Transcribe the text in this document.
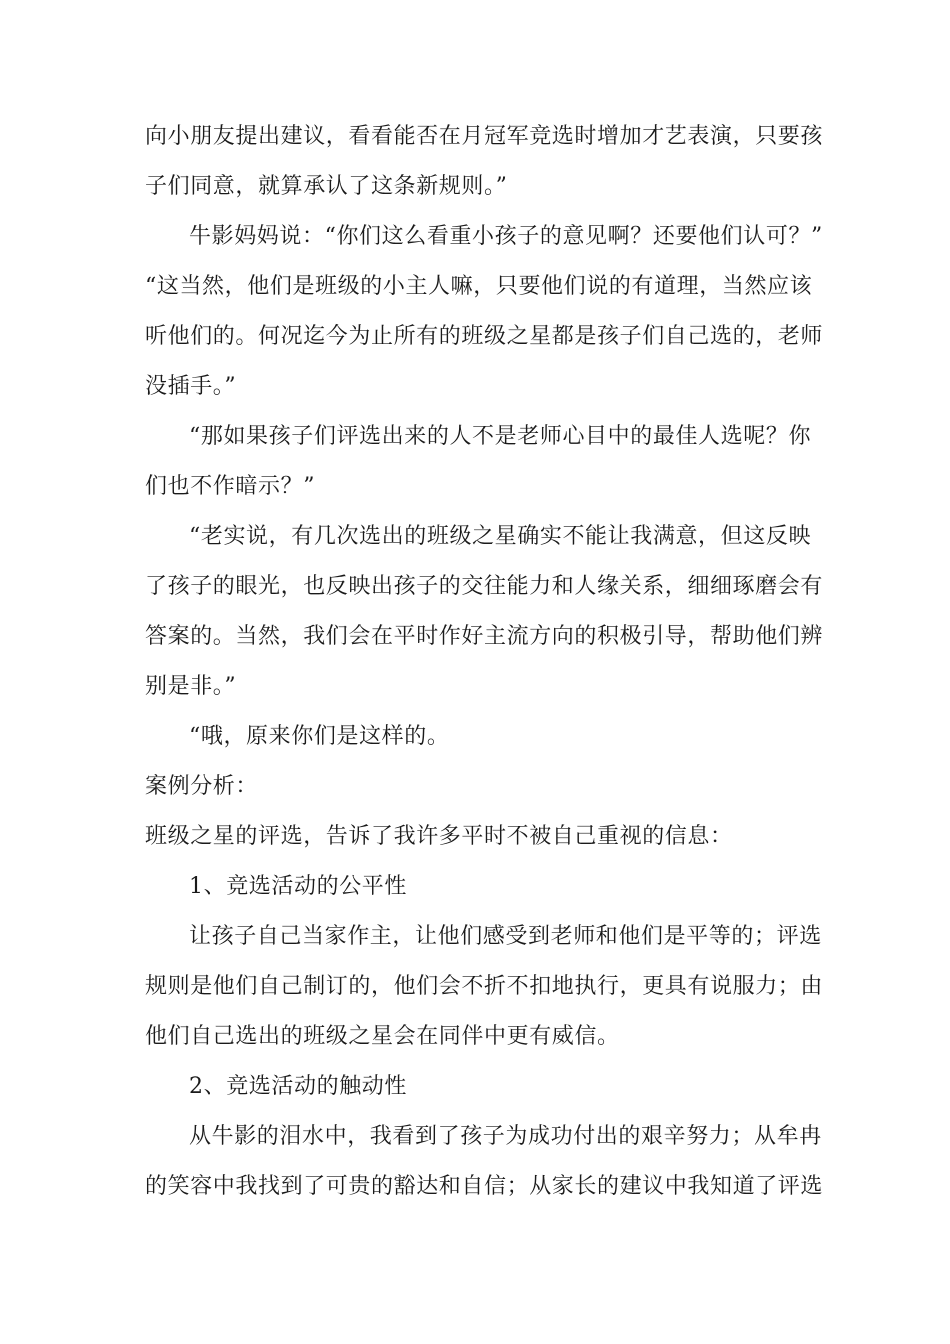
向小朋友提出建议，看看能否在月冠军竞选时增加才艺表演，只要孩
子们同意，就算承认了这条新规则。”
牛影妈妈说：“你们这么看重小孩子的意见啊？还要他们认可？”
“这当然，他们是班级的小主人嘛，只要他们说的有道理，当然应该
听他们的。何况迄今为止所有的班级之星都是孩子们自己选的，老师
没插手。”
“那如果孩子们评选出来的人不是老师心目中的最佳人选呢？你
们也不作暗示？”
“老实说，有几次选出的班级之星确实不能让我满意，但这反映
了孩子的眼光，也反映出孩子的交往能力和人缘关系，细细琢磨会有
答案的。当然，我们会在平时作好主流方向的积极引导，帮助他们辨
别是非。”
“哦，原来你们是这样的。
案例分析：
班级之星的评选，告诉了我许多平时不被自己重视的信息：
1、竞选活动的公平性
让孩子自己当家作主，让他们感受到老师和他们是平等的；评选
规则是他们自己制订的，他们会不折不扣地执行，更具有说服力；由
他们自己选出的班级之星会在同伴中更有威信。
2、竞选活动的触动性
从牛影的泪水中，我看到了孩子为成功付出的艰辛努力；从牟冉
的笑容中我找到了可贵的豁达和自信；从家长的建议中我知道了评选
